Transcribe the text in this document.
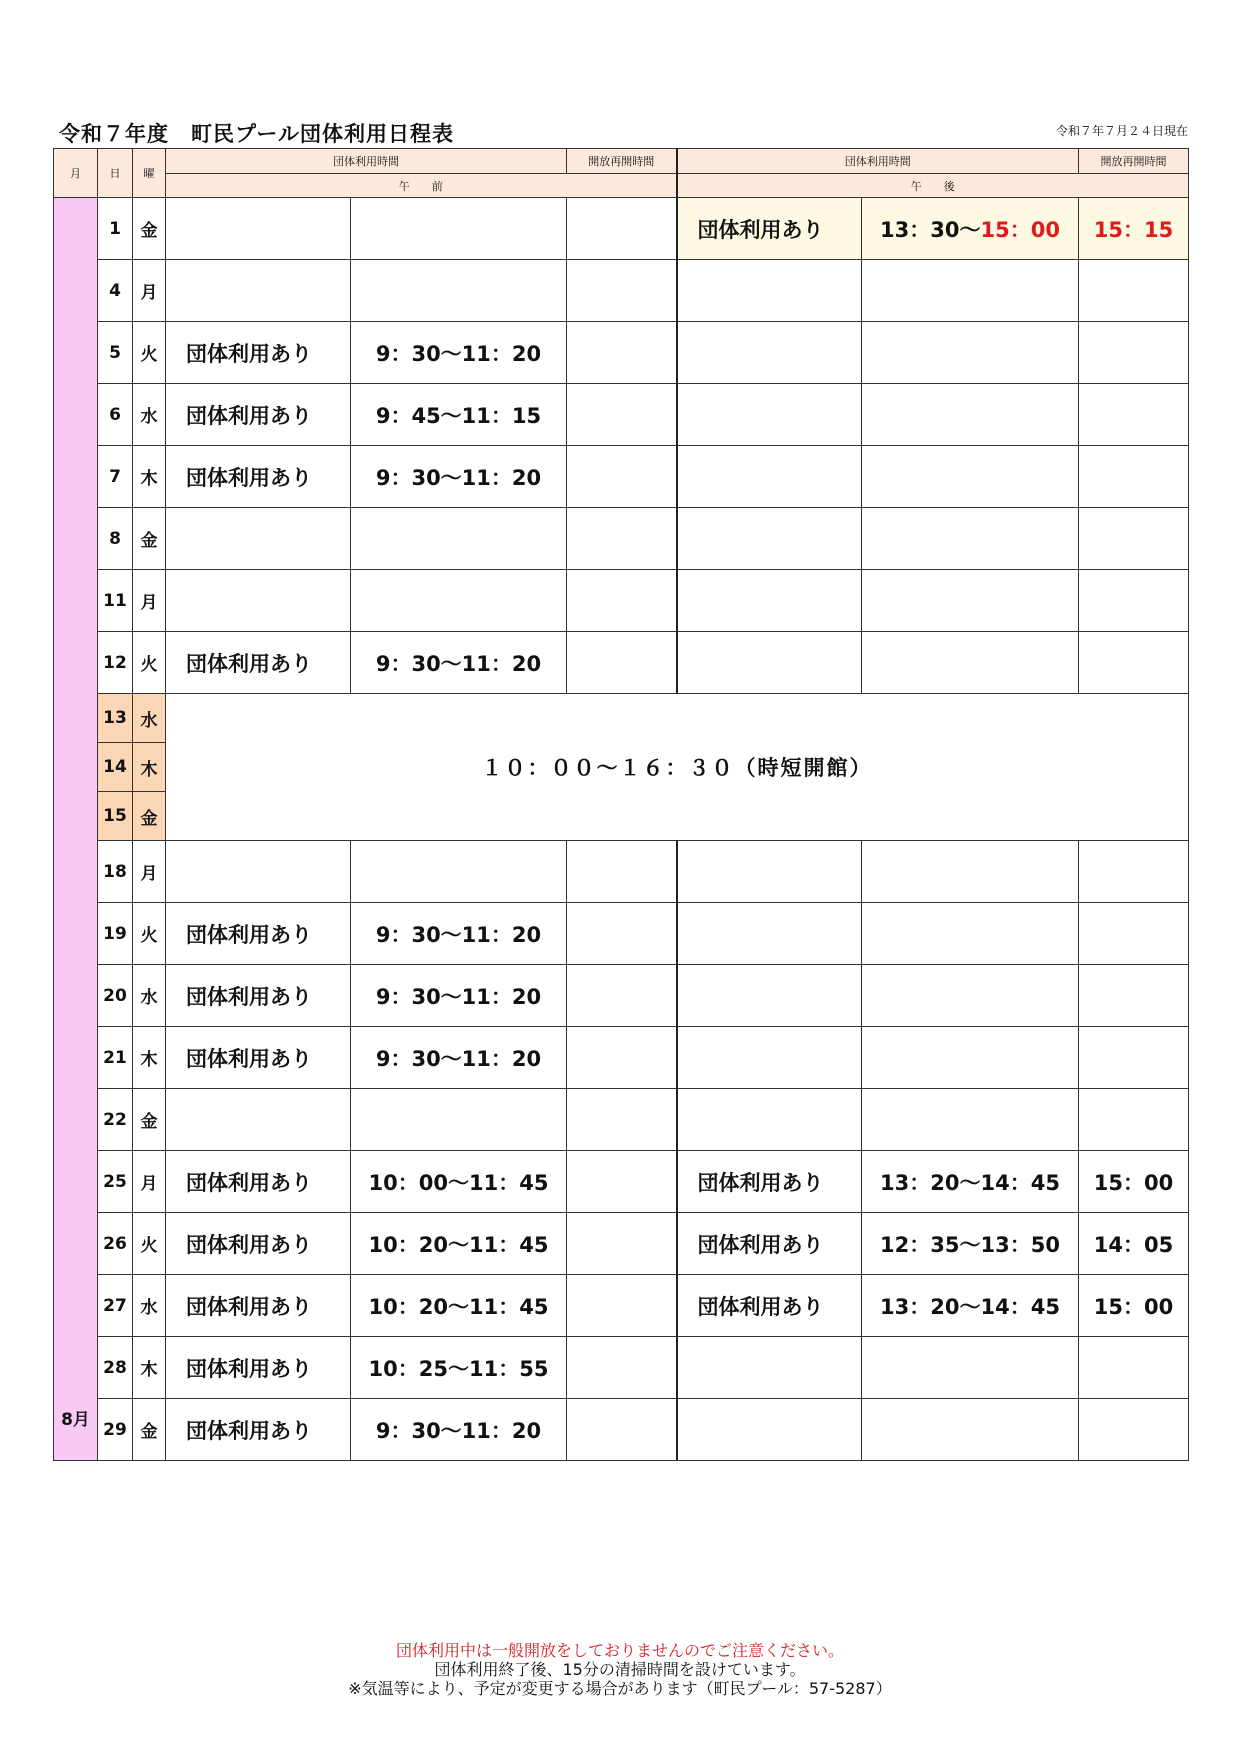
令和７年度　町民プール団体利用日程表	令和７年７月２４日現在
月	日	曜	団体利用時間		開放再開時間	団体利用時間		開放再開時間
			午　　前			午　　後		
8月	1	金				団体利用あり	13：30～15：00	15：15
	4	月						
	5	火	団体利用あり	9：30～11：20				
	6	水	団体利用あり	9：45～11：15				
	7	木	団体利用あり	9：30～11：20				
	8	金						
	11	月						
	12	火	団体利用あり	9：30～11：20				
	13	水	１０：００～１６：３０（時短開館）					
	14	木						
	15	金						
	18	月						
	19	火	団体利用あり	9：30～11：20				
	20	水	団体利用あり	9：30～11：20				
	21	木	団体利用あり	9：30～11：20				
	22	金						
	25	月	団体利用あり	10：00～11：45		団体利用あり	13：20～14：45	15：00
	26	火	団体利用あり	10：20～11：45		団体利用あり	12：35～13：50	14：05
	27	水	団体利用あり	10：20～11：45		団体利用あり	13：20～14：45	15：00
	28	木	団体利用あり	10：25～11：55				
	29	金	団体利用あり	9：30～11：20				
団体利用中は一般開放をしておりませんのでご注意ください。
団体利用終了後、15分の清掃時間を設けています。
※気温等により、予定が変更する場合があります（町民プール：57-5287）
